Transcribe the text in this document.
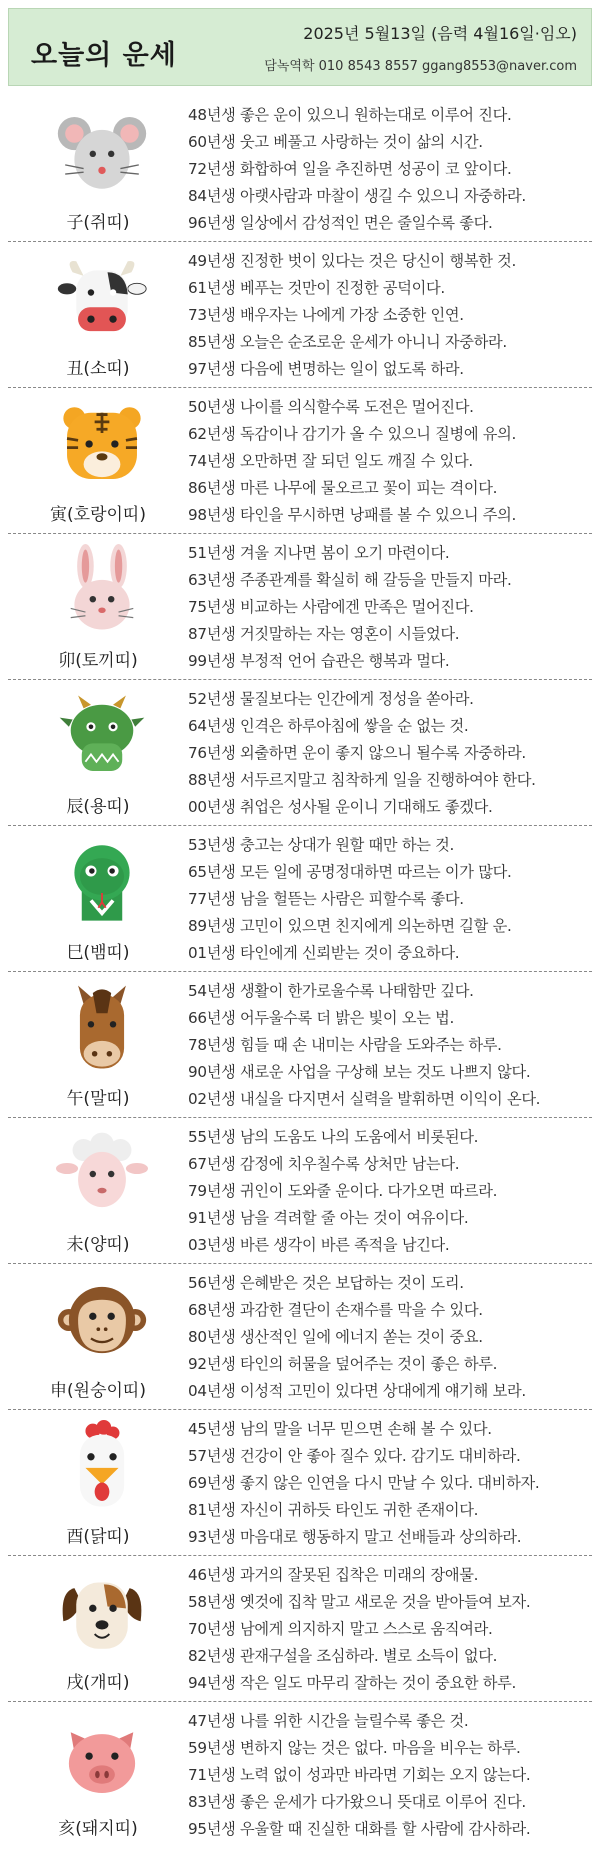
오늘의 운세
2025년 5월13일 (음력 4월16일·임오)
담녹역학 010 8543 8557 ggang8553@naver.com
子(쥐띠)
48년생 좋은 운이 있으니 원하는대로 이루어 진다.
60년생 웃고 베풀고 사랑하는 것이 삶의 시간.
72년생 화합하여 일을 추진하면 성공이 코 앞이다.
84년생 아랫사람과 마찰이 생길 수 있으니 자중하라.
96년생 일상에서 감성적인 면은 줄일수록 좋다.
丑(소띠)
49년생 진정한 벗이 있다는 것은 당신이 행복한 것.
61년생 베푸는 것만이 진정한 공덕이다.
73년생 배우자는 나에게 가장 소중한 인연.
85년생 오늘은 순조로운 운세가 아니니 자중하라.
97년생 다음에 변명하는 일이 없도록 하라.
寅(호랑이띠)
50년생 나이를 의식할수록 도전은 멀어진다.
62년생 독감이나 감기가 올 수 있으니 질병에 유의.
74년생 오만하면 잘 되던 일도 깨질 수 있다.
86년생 마른 나무에 물오르고 꽃이 피는 격이다.
98년생 타인을 무시하면 낭패를 볼 수 있으니 주의.
卯(토끼띠)
51년생 겨울 지나면 봄이 오기 마련이다.
63년생 주종관계를 확실히 해 갈등을 만들지 마라.
75년생 비교하는 사람에겐 만족은 멀어진다.
87년생 거짓말하는 자는 영혼이 시들었다.
99년생 부정적 언어 습관은 행복과 멀다.
辰(용띠)
52년생 물질보다는 인간에게 정성을 쏟아라.
64년생 인격은 하루아침에 쌓을 순 없는 것.
76년생 외출하면 운이 좋지 않으니 될수록 자중하라.
88년생 서두르지말고 침착하게 일을 진행하여야 한다.
00년생 취업은 성사될 운이니 기대해도 좋겠다.
巳(뱀띠)
53년생 충고는 상대가 원할 때만 하는 것.
65년생 모든 일에 공명정대하면 따르는 이가 많다.
77년생 남을 헐뜯는 사람은 피할수록 좋다.
89년생 고민이 있으면 친지에게 의논하면 길할 운.
01년생 타인에게 신뢰받는 것이 중요하다.
午(말띠)
54년생 생활이 한가로울수록 나태함만 깊다.
66년생 어두울수록 더 밝은 빛이 오는 법.
78년생 힘들 때 손 내미는 사람을 도와주는 하루.
90년생 새로운 사업을 구상해 보는 것도 나쁘지 않다.
02년생 내실을 다지면서 실력을 발휘하면 이익이 온다.
未(양띠)
55년생 남의 도움도 나의 도움에서 비롯된다.
67년생 감정에 치우칠수록 상처만 남는다.
79년생 귀인이 도와줄 운이다. 다가오면 따르라.
91년생 남을 격려할 줄 아는 것이 여유이다.
03년생 바른 생각이 바른 족적을 남긴다.
申(원숭이띠)
56년생 은혜받은 것은 보답하는 것이 도리.
68년생 과감한 결단이 손재수를 막을 수 있다.
80년생 생산적인 일에 에너지 쏟는 것이 중요.
92년생 타인의 허물을 덮어주는 것이 좋은 하루.
04년생 이성적 고민이 있다면 상대에게 얘기해 보라.
酉(닭띠)
45년생 남의 말을 너무 믿으면 손해 볼 수 있다.
57년생 건강이 안 좋아 질수 있다. 감기도 대비하라.
69년생 좋지 않은 인연을 다시 만날 수 있다. 대비하자.
81년생 자신이 귀하듯 타인도 귀한 존재이다.
93년생 마음대로 행동하지 말고 선배들과 상의하라.
戌(개띠)
46년생 과거의 잘못된 집착은 미래의 장애물.
58년생 옛것에 집착 말고 새로운 것을 받아들여 보자.
70년생 남에게 의지하지 말고 스스로 움직여라.
82년생 관재구설을 조심하라. 별로 소득이 없다.
94년생 작은 일도 마무리 잘하는 것이 중요한 하루.
亥(돼지띠)
47년생 나를 위한 시간을 늘릴수록 좋은 것.
59년생 변하지 않는 것은 없다. 마음을 비우는 하루.
71년생 노력 없이 성과만 바라면 기회는 오지 않는다.
83년생 좋은 운세가 다가왔으니 뜻대로 이루어 진다.
95년생 우울할 때 진실한 대화를 할 사람에 감사하라.
